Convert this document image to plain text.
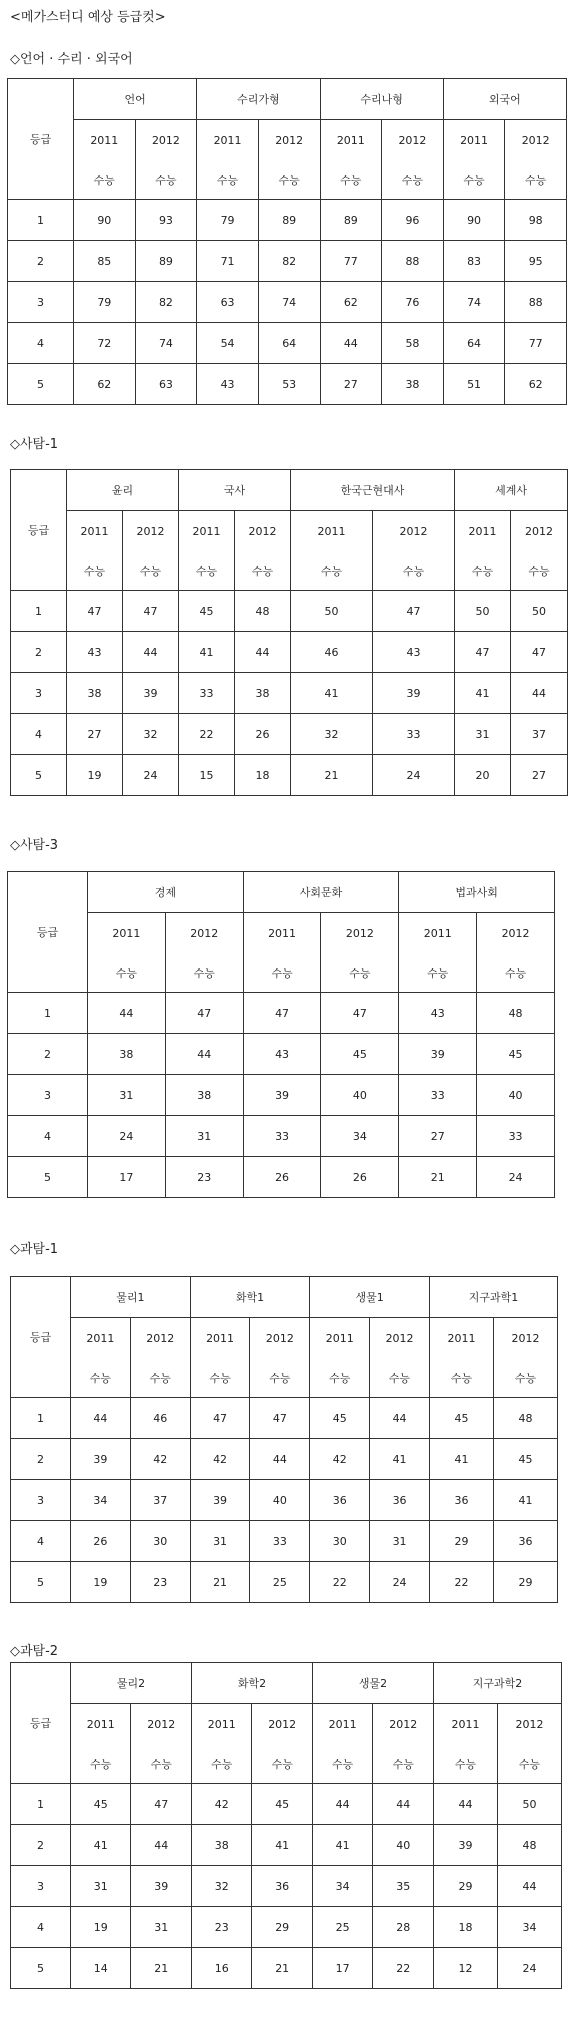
<메가스터디 예상 등급컷>
◇언어 · 수리 · 외국어
등급	언어		수리가형		수리나형		외국어	
	2011	2012	2011	2012	2011	2012	2011	2012
	수능	수능	수능	수능	수능	수능	수능	수능
1	90	93	79	89	89	96	90	98
2	85	89	71	82	77	88	83	95
3	79	82	63	74	62	76	74	88
4	72	74	54	64	44	58	64	77
5	62	63	43	53	27	38	51	62
◇사탐-1
등급	윤리		국사		한국근현대사		세계사	
	2011	2012	2011	2012	2011	2012	2011	2012
	수능	수능	수능	수능	수능	수능	수능	수능
1	47	47	45	48	50	47	50	50
2	43	44	41	44	46	43	47	47
3	38	39	33	38	41	39	41	44
4	27	32	22	26	32	33	31	37
5	19	24	15	18	21	24	20	27
◇사탐-3
등급	경제		사회문화		법과사회	
	2011	2012	2011	2012	2011	2012
	수능	수능	수능	수능	수능	수능
1	44	47	47	47	43	48
2	38	44	43	45	39	45
3	31	38	39	40	33	40
4	24	31	33	34	27	33
5	17	23	26	26	21	24
◇과탐-1
등급	물리1		화학1		생물1		지구과학1	
	2011	2012	2011	2012	2011	2012	2011	2012
	수능	수능	수능	수능	수능	수능	수능	수능
1	44	46	47	47	45	44	45	48
2	39	42	42	44	42	41	41	45
3	34	37	39	40	36	36	36	41
4	26	30	31	33	30	31	29	36
5	19	23	21	25	22	24	22	29
◇과탐-2
등급	물리2		화학2		생물2		지구과학2	
	2011	2012	2011	2012	2011	2012	2011	2012
	수능	수능	수능	수능	수능	수능	수능	수능
1	45	47	42	45	44	44	44	50
2	41	44	38	41	41	40	39	48
3	31	39	32	36	34	35	29	44
4	19	31	23	29	25	28	18	34
5	14	21	16	21	17	22	12	24
